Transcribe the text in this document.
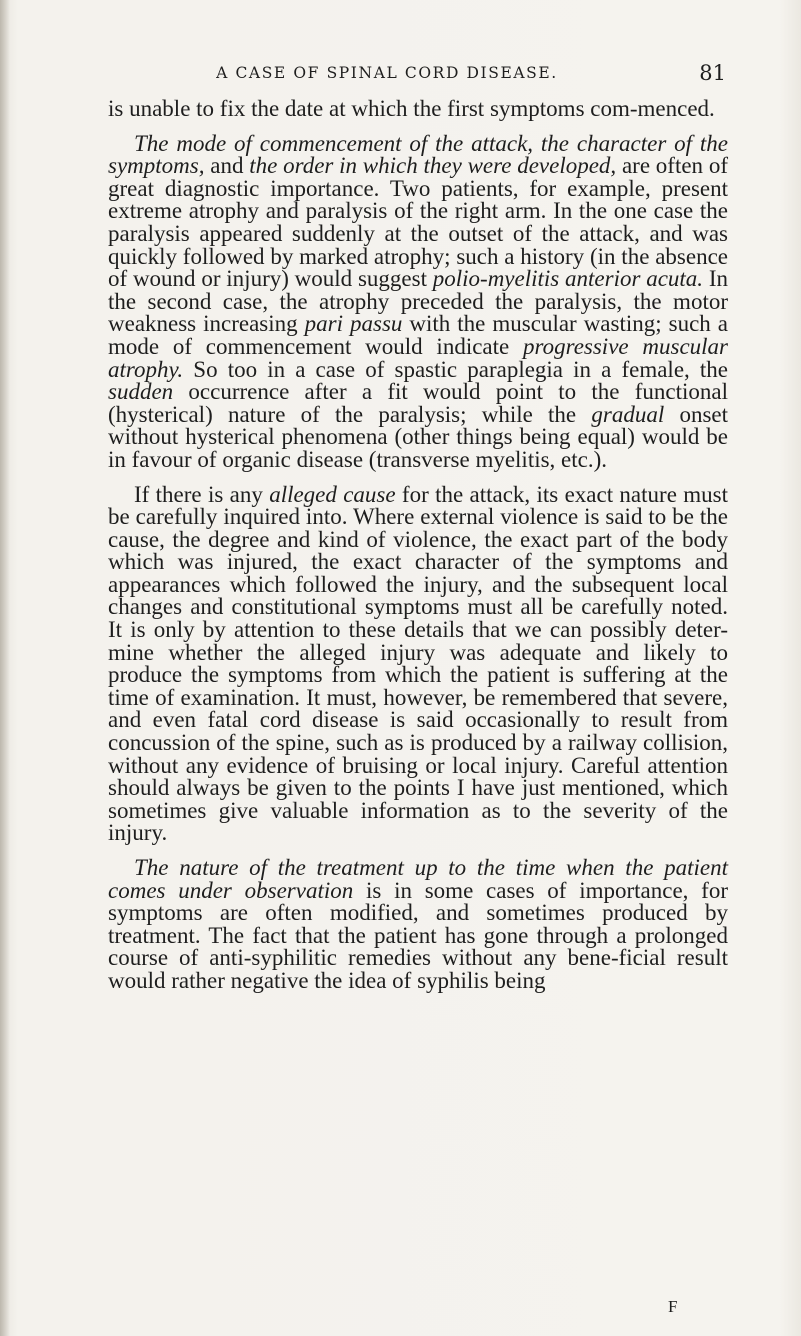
A CASE OF SPINAL CORD DISEASE.	81

is unable to fix the date at which the first symptoms com-menced.

The mode of commencement of the attack, the character of the symptoms, and the order in which they were developed, are often of great diagnostic importance. Two patients, for example, present extreme atrophy and paralysis of the right arm. In the one case the paralysis appeared suddenly at the outset of the attack, and was quickly followed by marked atrophy; such a history (in the absence of wound or injury) would suggest polio-myelitis anterior acuta. In the second case, the atrophy preceded the paralysis, the motor weakness increasing pari passu with the muscular wasting; such a mode of commencement would indicate progressive muscular atrophy. So too in a case of spastic paraplegia in a female, the sudden occurrence after a fit would point to the functional (hysterical) nature of the paralysis; while the gradual onset without hysterical phenomena (other things being equal) would be in favour of organic disease (transverse myelitis, etc.).

If there is any alleged cause for the attack, its exact nature must be carefully inquired into. Where external violence is said to be the cause, the degree and kind of violence, the exact part of the body which was injured, the exact character of the symptoms and appearances which followed the injury, and the subsequent local changes and constitutional symptoms must all be carefully noted. It is only by attention to these details that we can possibly deter-mine whether the alleged injury was adequate and likely to produce the symptoms from which the patient is suffering at the time of examination. It must, however, be remembered that severe, and even fatal cord disease is said occasionally to result from concussion of the spine, such as is produced by a railway collision, without any evidence of bruising or local injury. Careful attention should always be given to the points I have just mentioned, which sometimes give valuable information as to the severity of the injury.

The nature of the treatment up to the time when the patient comes under observation is in some cases of importance, for symptoms are often modified, and sometimes produced by treatment. The fact that the patient has gone through a prolonged course of anti-syphilitic remedies without any bene-ficial result would rather negative the idea of syphilis being

F
